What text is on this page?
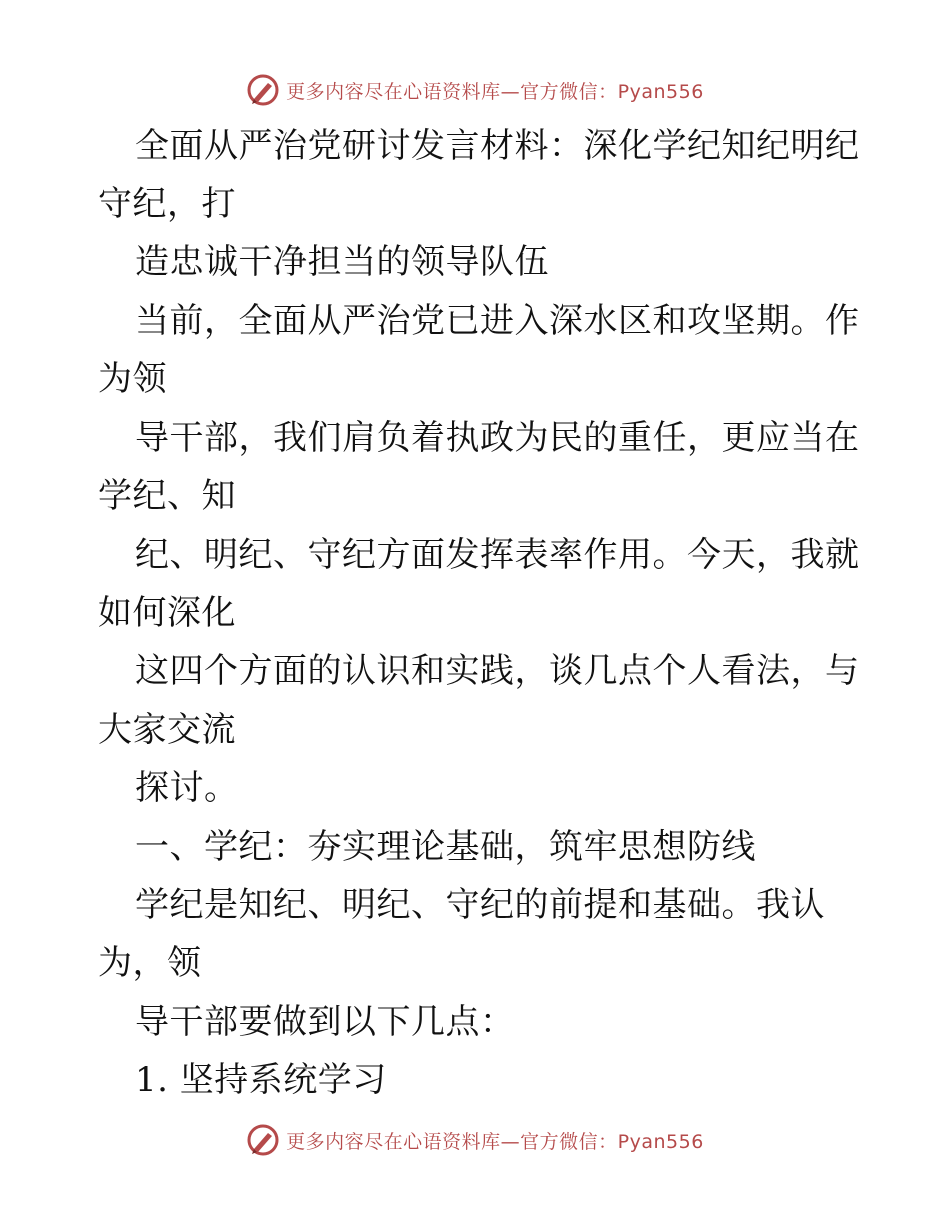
更多内容尽在心语资料库—官方微信：Pyan556
全面从严治党研讨发言材料：深化学纪知纪明纪
守纪，打
造忠诚干净担当的领导队伍
当前，全面从严治党已进入深水区和攻坚期。作
为领
导干部，我们肩负着执政为民的重任，更应当在
学纪、知
纪、明纪、守纪方面发挥表率作用。今天，我就
如何深化
这四个方面的认识和实践，谈几点个人看法，与
大家交流
探讨。
一、学纪：夯实理论基础，筑牢思想防线
学纪是知纪、明纪、守纪的前提和基础。我认
为，领
导干部要做到以下几点：
1. 坚持系统学习
更多内容尽在心语资料库—官方微信：Pyan556
